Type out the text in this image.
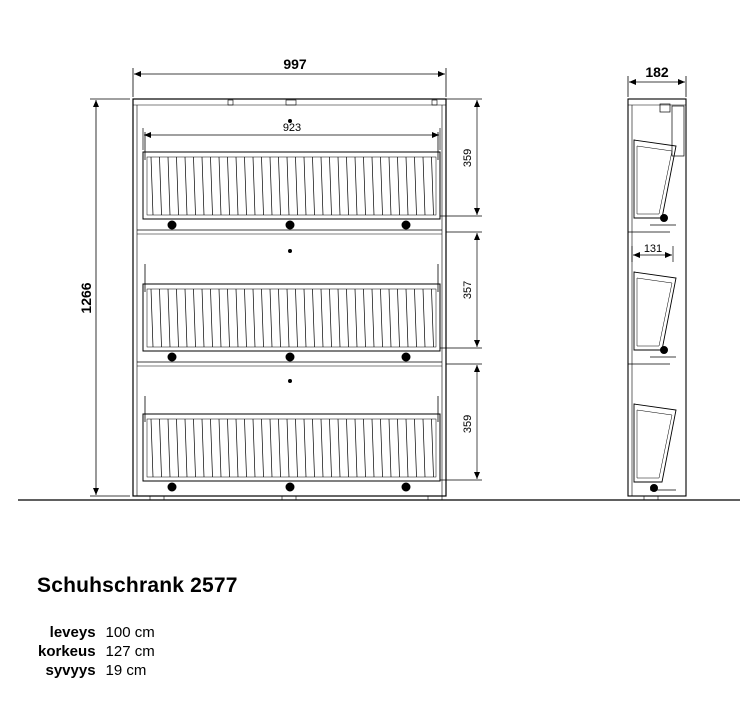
997
923
1266
359
357
359
182
131
Schuhschrank 2577
leveys	100 cm
korkeus	127 cm
syvyys	19 cm
